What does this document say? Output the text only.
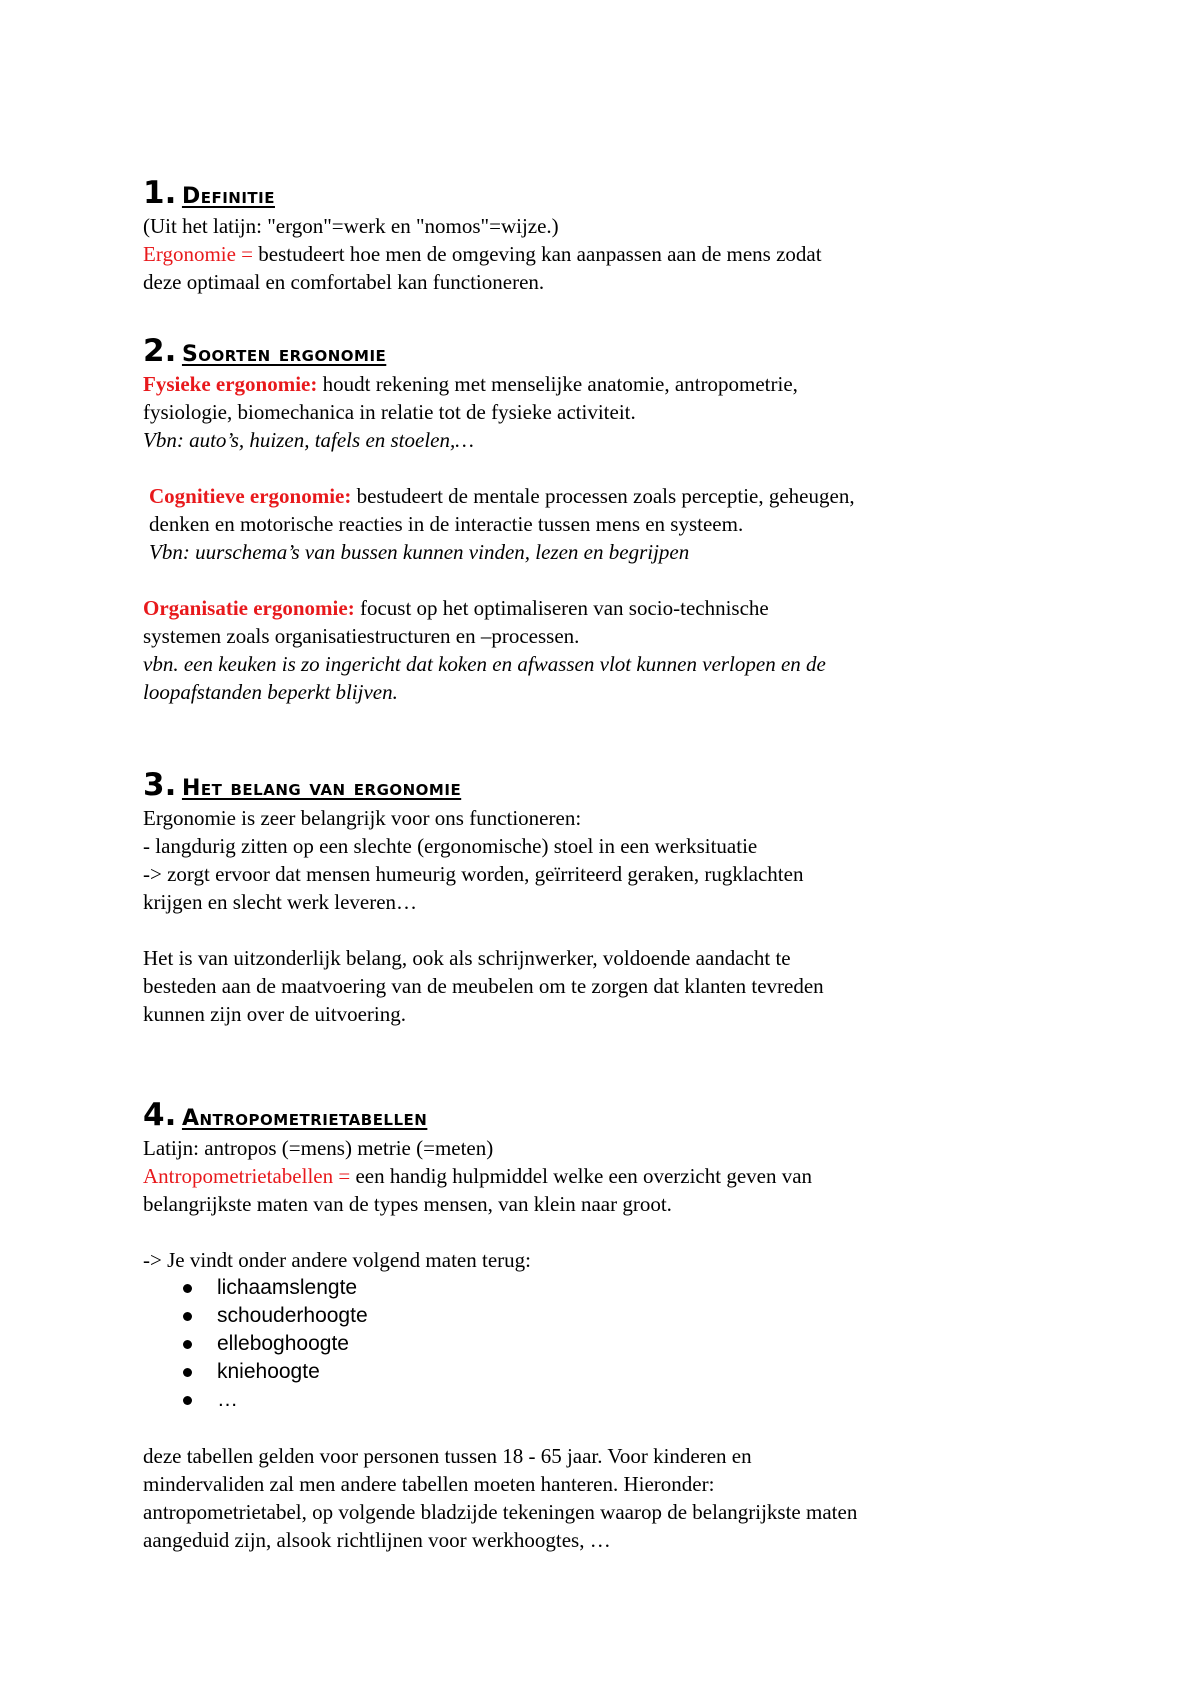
1. Definitie

(Uit het latijn: "ergon"=werk en "nomos"=wijze.)

Ergonomie = bestudeert hoe men de omgeving kan aanpassen aan de mens zodat

deze optimaal en comfortabel kan functioneren.

2. Soorten ergonomie

Fysieke ergonomie: houdt rekening met menselijke anatomie, antropometrie,

fysiologie, biomechanica in relatie tot de fysieke activiteit.

Vbn: auto’s, huizen, tafels en stoelen,…

Cognitieve ergonomie: bestudeert de mentale processen zoals perceptie, geheugen,

denken en motorische reacties in de interactie tussen mens en systeem.

Vbn: uurschema’s van bussen kunnen vinden, lezen en begrijpen

Organisatie ergonomie: focust op het optimaliseren van socio-technische

systemen zoals organisatiestructuren en –processen.

vbn. een keuken is zo ingericht dat koken en afwassen vlot kunnen verlopen en de

loopafstanden beperkt blijven.

3. Het belang van ergonomie

Ergonomie is zeer belangrijk voor ons functioneren:

- langdurig zitten op een slechte (ergonomische) stoel in een werksituatie

-> zorgt ervoor dat mensen humeurig worden, geïrriteerd geraken, rugklachten

krijgen en slecht werk leveren…

Het is van uitzonderlijk belang, ook als schrijnwerker, voldoende aandacht te

besteden aan de maatvoering van de meubelen om te zorgen dat klanten tevreden

kunnen zijn over de uitvoering.

4. Antropometrietabellen

Latijn: antropos (=mens) metrie (=meten)

Antropometrietabellen = een handig hulpmiddel welke een overzicht geven van

belangrijkste maten van de types mensen, van klein naar groot.

-> Je vindt onder andere volgend maten terug:

lichaamslengte
schouderhoogte
elleboghoogte
kniehoogte
…

deze tabellen gelden voor personen tussen 18 - 65 jaar. Voor kinderen en

mindervaliden zal men andere tabellen moeten hanteren. Hieronder:

antropometrietabel, op volgende bladzijde tekeningen waarop de belangrijkste maten

aangeduid zijn, alsook richtlijnen voor werkhoogtes, …
